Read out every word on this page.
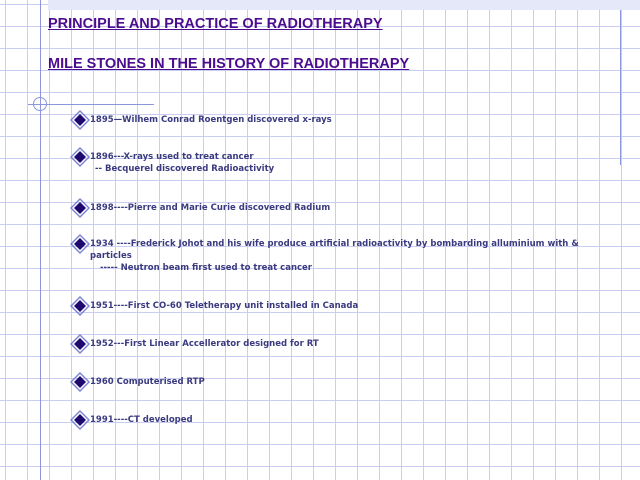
PRINCIPLE AND PRACTICE OF RADIOTHERAPY
MILE STONES IN THE HISTORY OF RADIOTHERAPY
1895—Wilhem Conrad Roentgen discovered x-rays
1896---X-rays used to treat cancer
-- Becquerel discovered Radioactivity
1898----Pierre and Marie Curie discovered Radium
1934 ----Frederick Johot and his wife produce artificial radioactivity by bombarding alluminium with & particles
----- Neutron beam first used to treat cancer
1951----First CO-60 Teletherapy unit installed in Canada
1952---First Linear Accellerator designed for RT
1960 Computerised RTP
1991----CT developed
